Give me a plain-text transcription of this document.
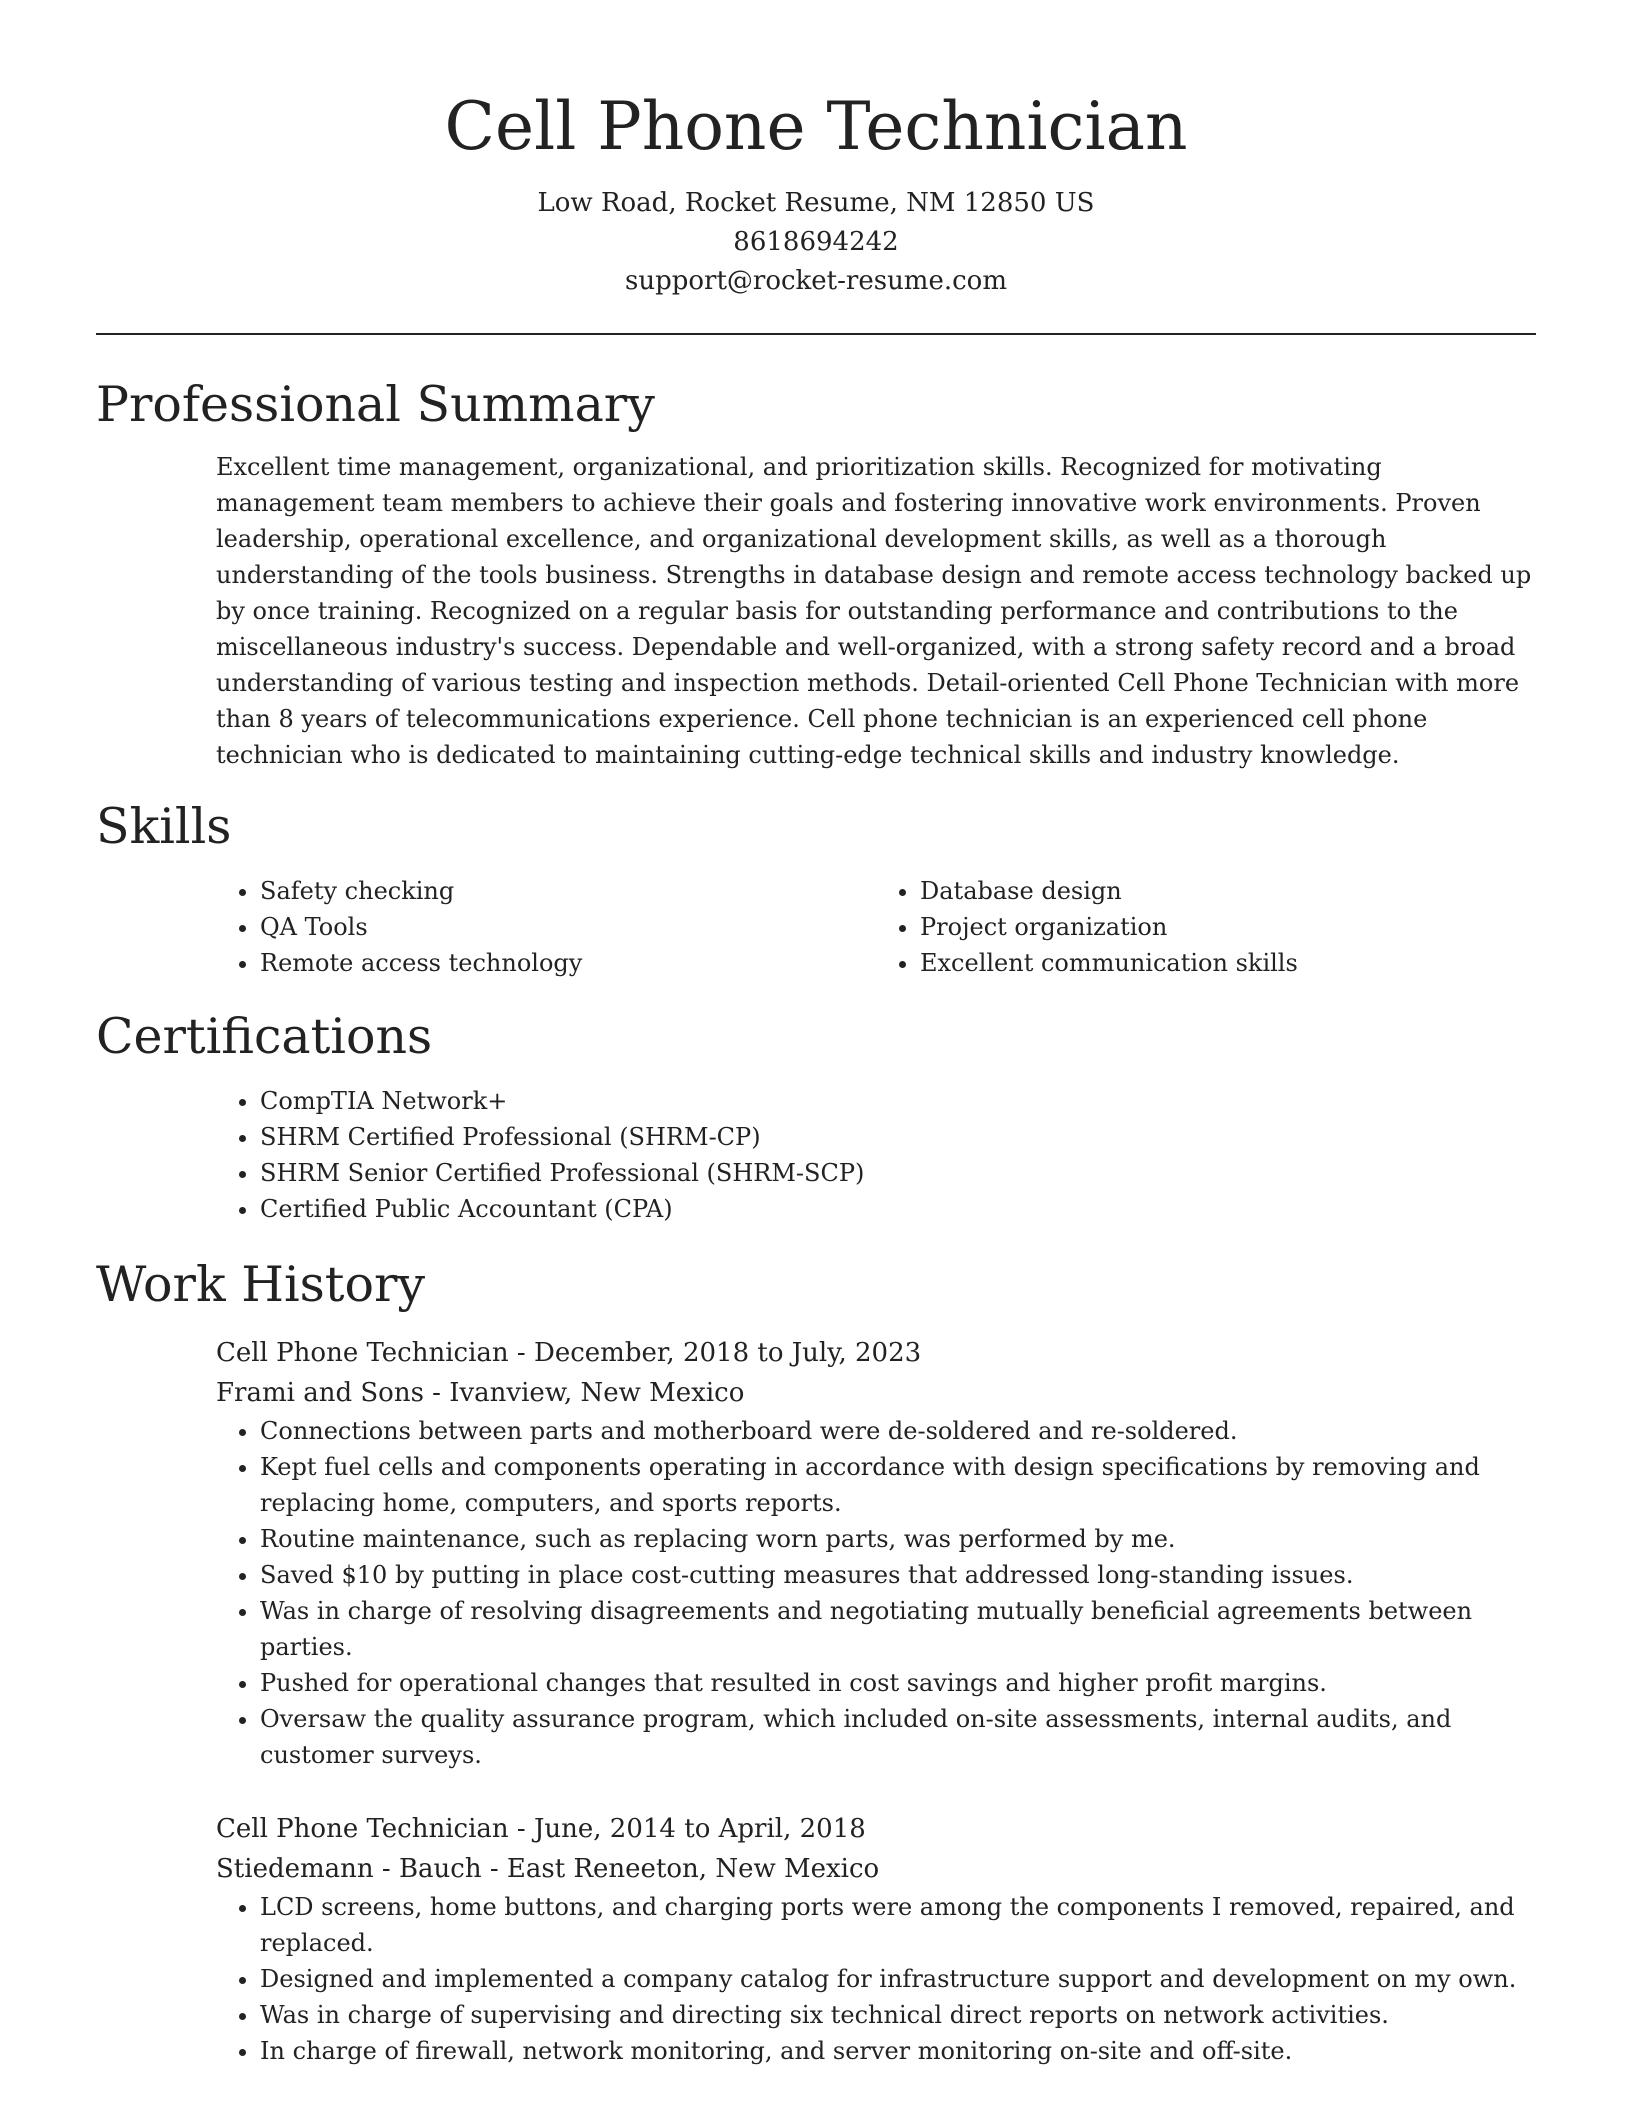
Cell Phone Technician

Low Road, Rocket Resume, NM 12850 US

8618694242

support@rocket-resume.com

Professional Summary

Excellent time management, organizational, and prioritization skills. Recognized for motivating management team members to achieve their goals and fostering innovative work environments. Proven leadership, operational excellence, and organizational development skills, as well as a thorough understanding of the tools business. Strengths in database design and remote access technology backed up by once training. Recognized on a regular basis for outstanding performance and contributions to the miscellaneous industry's success. Dependable and well-organized, with a strong safety record and a broad understanding of various testing and inspection methods. Detail-oriented Cell Phone Technician with more than 8 years of telecommunications experience. Cell phone technician is an experienced cell phone technician who is dedicated to maintaining cutting-edge technical skills and industry knowledge.

Skills
• Safety checking
• QA Tools
• Remote access technology
• Database design
• Project organization
• Excellent communication skills
Certifications
• CompTIA Network+
• SHRM Certified Professional (SHRM-CP)
• SHRM Senior Certified Professional (SHRM-SCP)
• Certified Public Accountant (CPA)
Work History

Cell Phone Technician - December, 2018 to July, 2023

Frami and Sons - Ivanview, New Mexico

• Connections between parts and motherboard were de-soldered and re-soldered.
• Kept fuel cells and components operating in accordance with design specifications by removing and replacing home, computers, and sports reports.
• Routine maintenance, such as replacing worn parts, was performed by me.
• Saved $10 by putting in place cost-cutting measures that addressed long-standing issues.
• Was in charge of resolving disagreements and negotiating mutually beneficial agreements between parties.
• Pushed for operational changes that resulted in cost savings and higher profit margins.
• Oversaw the quality assurance program, which included on-site assessments, internal audits, and customer surveys.

Cell Phone Technician - June, 2014 to April, 2018

Stiedemann - Bauch - East Reneeton, New Mexico

• LCD screens, home buttons, and charging ports were among the components I removed, repaired, and replaced.
• Designed and implemented a company catalog for infrastructure support and development on my own.
• Was in charge of supervising and directing six technical direct reports on network activities.
• In charge of firewall, network monitoring, and server monitoring on-site and off-site.
